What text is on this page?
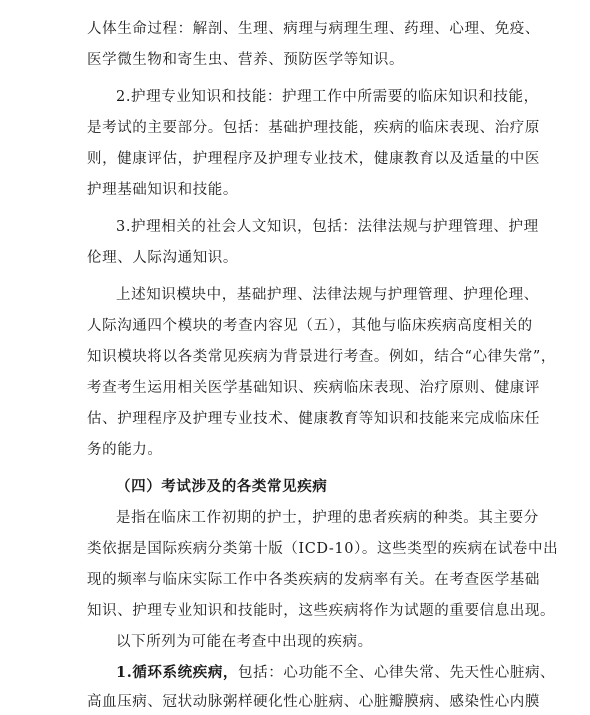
人体生命过程：解剖、生理、病理与病理生理、药理、心理、免疫、
医学微生物和寄生虫、营养、预防医学等知识。
2.护理专业知识和技能：护理工作中所需要的临床知识和技能，
是考试的主要部分。包括：基础护理技能，疾病的临床表现、治疗原
则，健康评估，护理程序及护理专业技术，健康教育以及适量的中医
护理基础知识和技能。
3.护理相关的社会人文知识，包括：法律法规与护理管理、护理
伦理、人际沟通知识。
上述知识模块中，基础护理、法律法规与护理管理、护理伦理、
人际沟通四个模块的考查内容见（五），其他与临床疾病高度相关的
知识模块将以各类常见疾病为背景进行考查。例如，结合“心律失常”，
考查考生运用相关医学基础知识、疾病临床表现、治疗原则、健康评
估、护理程序及护理专业技术、健康教育等知识和技能来完成临床任
务的能力。
（四）考试涉及的各类常见疾病
是指在临床工作初期的护士，护理的患者疾病的种类。其主要分
类依据是国际疾病分类第十版（ICD-10）。这些类型的疾病在试卷中出
现的频率与临床实际工作中各类疾病的发病率有关。在考查医学基础
知识、护理专业知识和技能时，这些疾病将作为试题的重要信息出现。
以下所列为可能在考查中出现的疾病。
1.循环系统疾病，包括：心功能不全、心律失常、先天性心脏病、
高血压病、冠状动脉粥样硬化性心脏病、心脏瓣膜病、感染性心内膜
